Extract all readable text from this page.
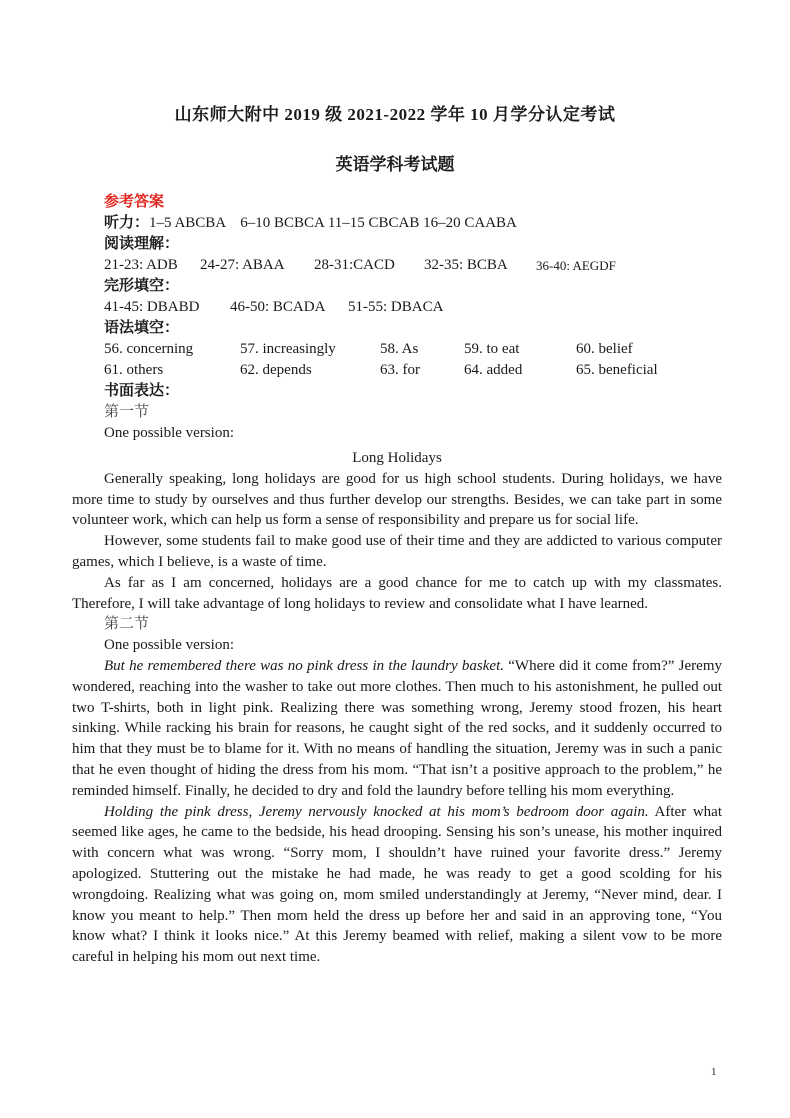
山东师大附中 2019 级 2021-2022 学年 10 月学分认定考试
英语学科考试题
参考答案
听力： 1–5 ABCBA    6–10 BCBCA 11–15 CBCAB 16–20 CAABA
阅读理解：
21-23: ADB	24-27: ABAA	28-31:CACD	32-35: BCBA	36-40: AEGDF
完形填空：
41-45: DBABD	46-50: BCADA	51-55: DBACA
语法填空：
56. concerning	57. increasingly	58. As	59. to eat	60. belief
61. others	62. depends	63. for	64. added	65. beneficial
书面表达：
第一节
One possible version:
Long Holidays

Generally speaking, long holidays are good for us high school students. During holidays, we have more time to study by ourselves and thus further develop our strengths. Besides, we can take part in some volunteer work, which can help us form a sense of responsibility and prepare us for social life.

However, some students fail to make good use of their time and they are addicted to various computer games, which I believe, is a waste of time.

As far as I am concerned, holidays are a good chance for me to catch up with my classmates. Therefore, I will take advantage of long holidays to review and consolidate what I have learned.

第二节
One possible version:

But he remembered there was no pink dress in the laundry basket. “Where did it come from?” Jeremy wondered, reaching into the washer to take out more clothes. Then much to his astonishment, he pulled out two T-shirts, both in light pink. Realizing there was something wrong, Jeremy stood frozen, his heart sinking. While racking his brain for reasons, he caught sight of the red socks, and it suddenly occurred to him that they must be to blame for it. With no means of handling the situation, Jeremy was in such a panic that he even thought of hiding the dress from his mom. “That isn’t a positive approach to the problem,” he reminded himself. Finally, he decided to dry and fold the laundry before telling his mom everything.

Holding the pink dress, Jeremy nervously knocked at his mom’s bedroom door again. After what seemed like ages, he came to the bedside, his head drooping. Sensing his son’s unease, his mother inquired with concern what was wrong. “Sorry mom, I shouldn’t have ruined your favorite dress.” Jeremy apologized. Stuttering out the mistake he had made, he was ready to get a good scolding for his wrongdoing. Realizing what was going on, mom smiled understandingly at Jeremy, “Never mind, dear. I know you meant to help.” Then mom held the dress up before her and said in an approving tone, “You know what? I think it looks nice.” At this Jeremy beamed with relief, making a silent vow to be more careful in helping his mom out next time.

1
